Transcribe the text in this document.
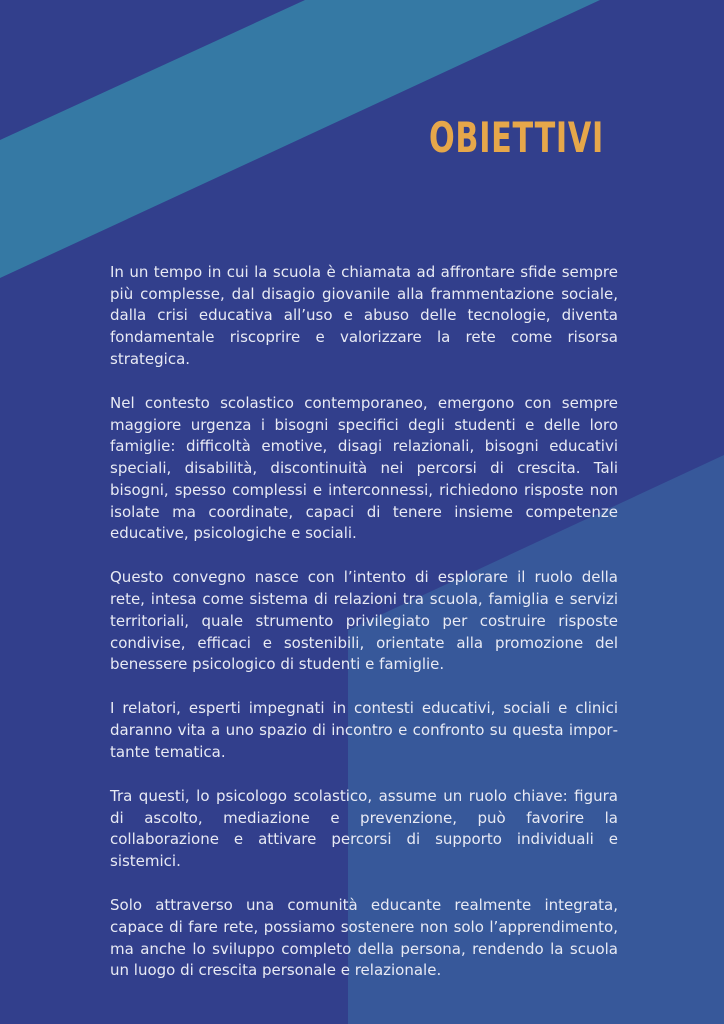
OBIETTIVI

In un tempo in cui la scuola è chiamata ad affrontare sfide sempre più complesse, dal disagio giovanile alla frammentazione sociale, dalla crisi educativa all’uso e abuso delle tecnologie, diventa fondamentale riscoprire e valorizzare la rete come risorsa strategica.

Nel contesto scolastico contemporaneo, emergono con sempre maggiore urgenza i bisogni specifici degli studenti e delle loro famiglie: difficoltà emotive, disagi relazionali, bisogni educativi speciali, disabilità, discontinuità nei percorsi di crescita. Tali bisogni, spesso complessi e interconnessi, richiedono risposte non isolate ma coordinate, capaci di tenere insieme competenze educative, psicologiche e sociali.

Questo convegno nasce con l’intento di esplorare il ruolo della rete, intesa come sistema di relazioni tra scuola, famiglia e servizi territoriali, quale strumento privilegiato per costruire risposte condivise, efficaci e sostenibili, orientate alla promozione del benessere psicologico di studenti e famiglie.

I relatori, esperti impegnati in contesti educativi, sociali e clinici daranno vita a uno spazio di incontro e confronto su questa importante tematica.

Tra questi, lo psicologo scolastico, assume un ruolo chiave: figura di ascolto, mediazione e prevenzione, può favorire la collaborazione e attivare percorsi di supporto individuali e sistemici.

Solo attraverso una comunità educante realmente integrata, capace di fare rete, possiamo sostenere non solo l’apprendimento, ma anche lo sviluppo completo della persona, rendendo la scuola un luogo di crescita personale e relazionale.
